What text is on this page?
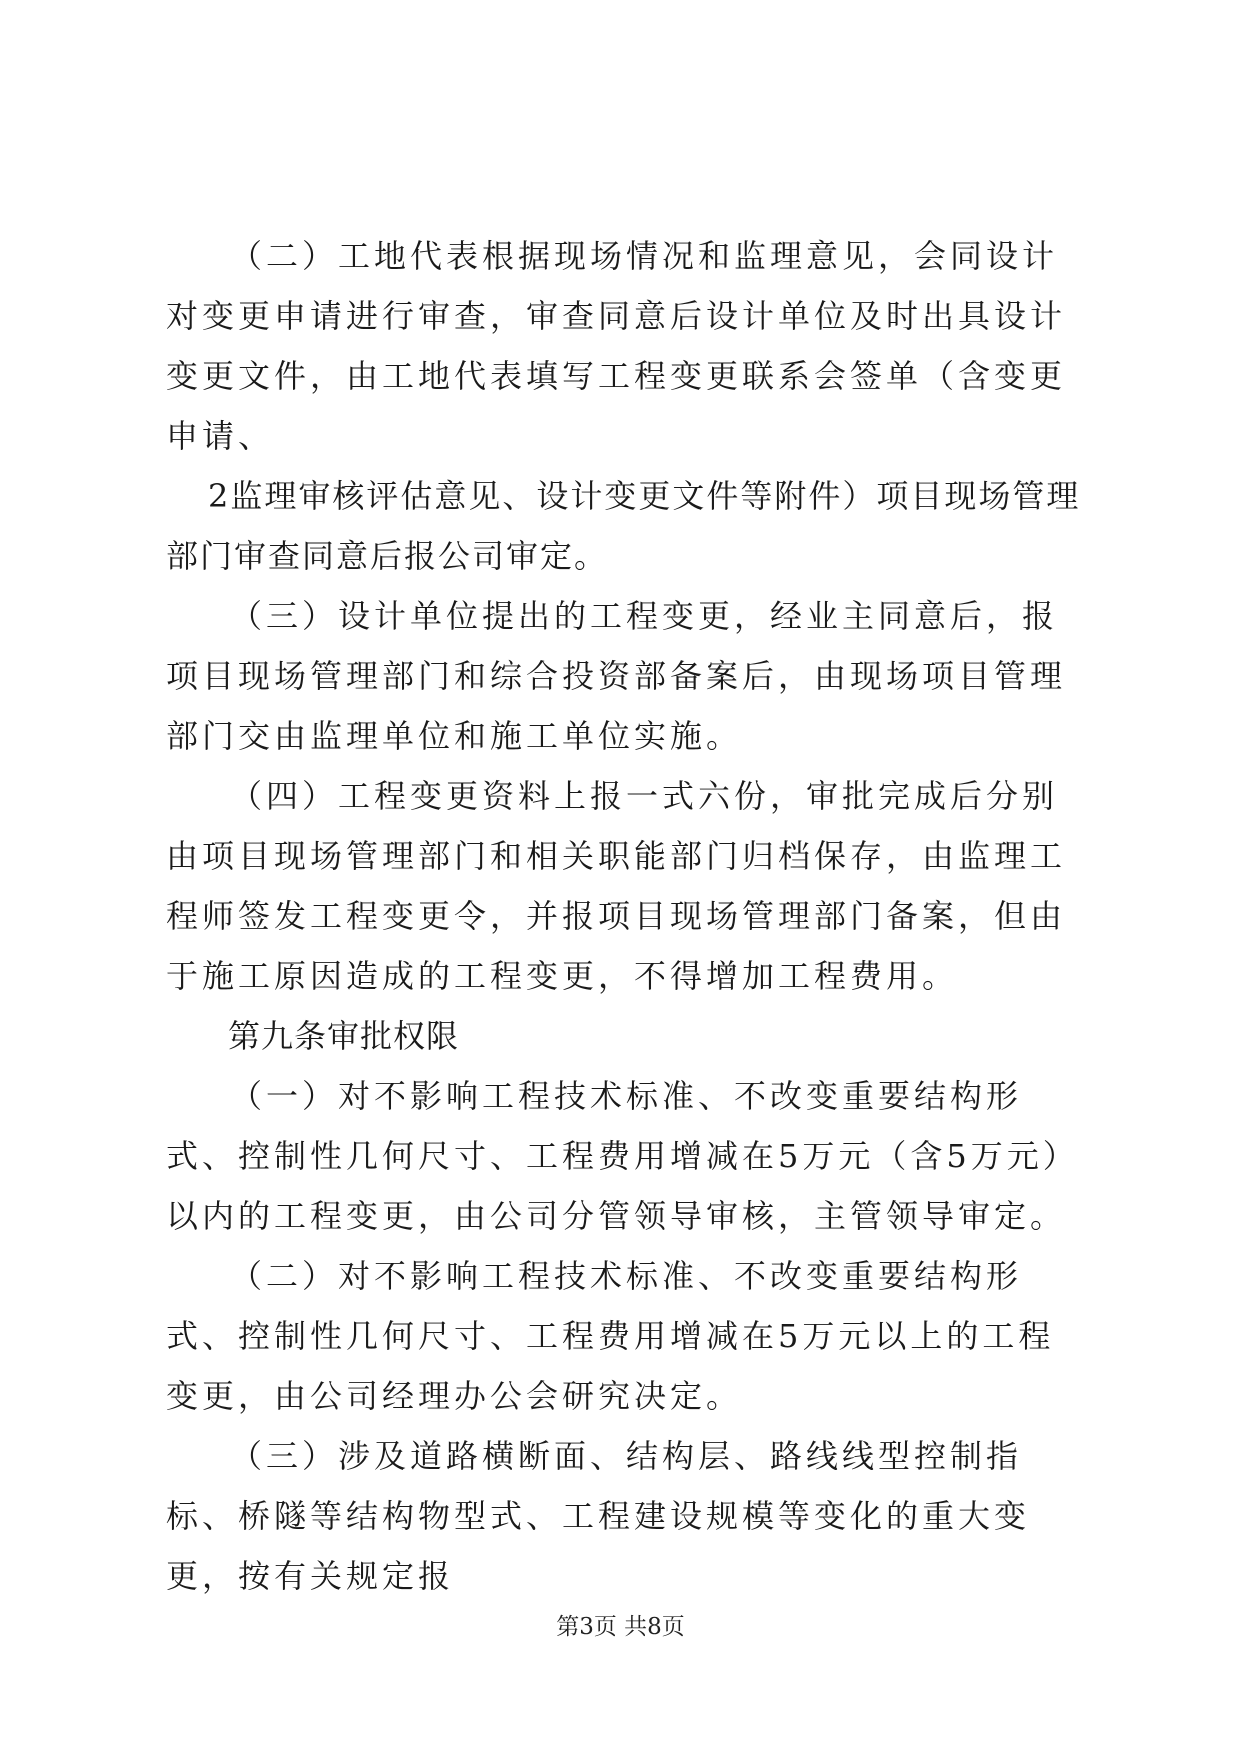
（二）工地代表根据现场情况和监理意见，会同设计对变更申请进行审查，审查同意后设计单位及时出具设计变更文件，由工地代表填写工程变更联系会签单（含变更申请、

2监理审核评估意见、设计变更文件等附件）项目现场管理部门审查同意后报公司审定。

（三）设计单位提出的工程变更，经业主同意后，报项目现场管理部门和综合投资部备案后，由现场项目管理部门交由监理单位和施工单位实施。

（四）工程变更资料上报一式六份，审批完成后分别由项目现场管理部门和相关职能部门归档保存，由监理工程师签发工程变更令，并报项目现场管理部门备案，但由于施工原因造成的工程变更，不得增加工程费用。

第九条审批权限

（一）对不影响工程技术标准、不改变重要结构形式、控制性几何尺寸、工程费用增减在5万元（含5万元）以内的工程变更，由公司分管领导审核，主管领导审定。

（二）对不影响工程技术标准、不改变重要结构形式、控制性几何尺寸、工程费用增减在5万元以上的工程变更，由公司经理办公会研究决定。

（三）涉及道路横断面、结构层、路线线型控制指标、桥隧等结构物型式、工程建设规模等变化的重大变更，按有关规定报

第3页 共8页
